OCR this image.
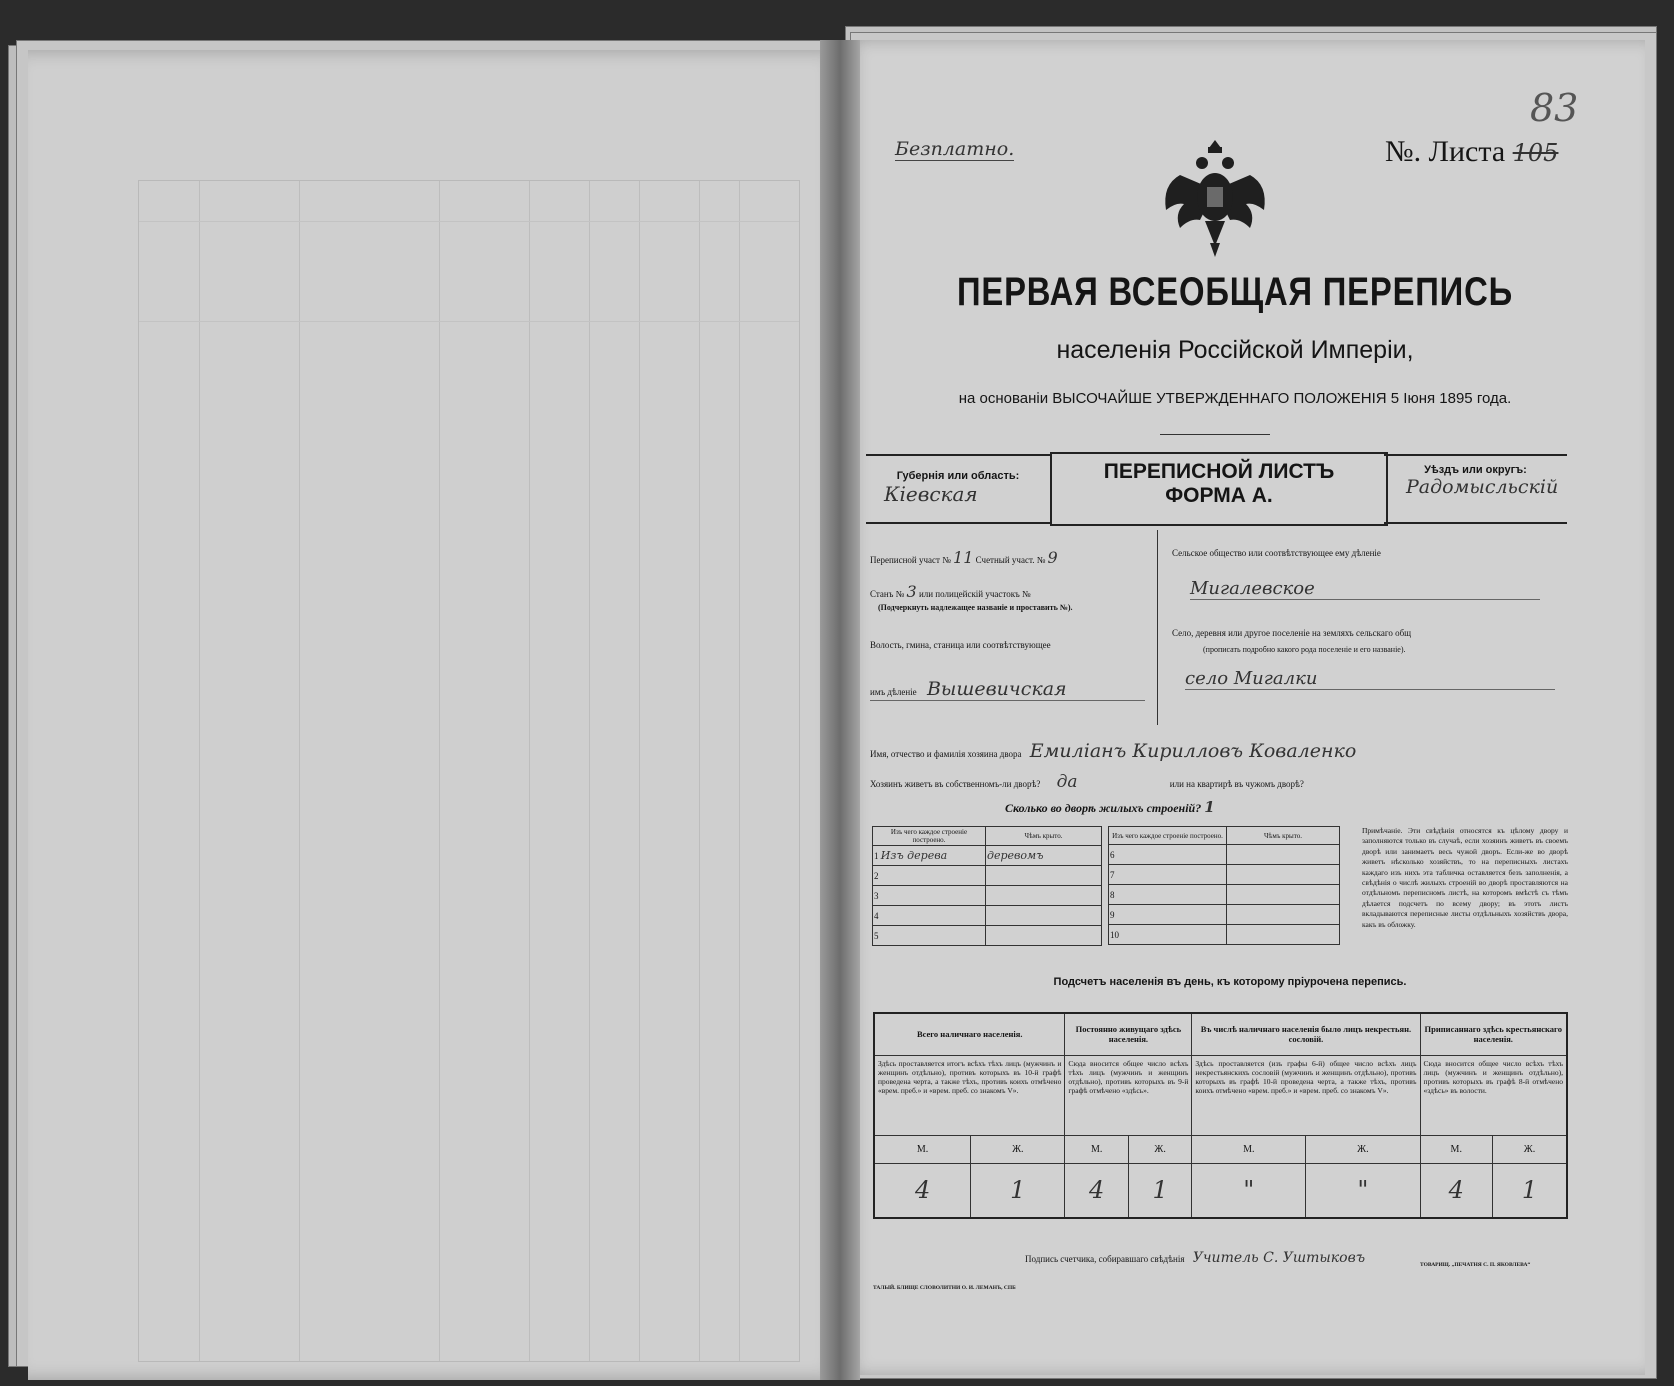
Безплатно.	№. Листа 105
83
ПЕРВАЯ ВСЕОБЩАЯ ПЕРЕПИСЬ
населенія Россійской Имперіи,
на основаніи ВЫСОЧАЙШЕ УТВЕРЖДЕННАГО ПОЛОЖЕНІЯ 5 Іюня 1895 года.
Губернія или область:
Кіевская
ПЕРЕПИСНОЙ ЛИСТЪ
ФОРМА А.
Уѣздъ или округъ:
Радомысльскій
Переписной участ № 11 Счетный участ. № 9
Станъ № 3 или полицейскій участокъ №
(Подчеркнуть надлежащее названіе и проставить №).
Волость, гмина, станица или соотвѣтствующее
имъ дѣленіе Вышевичская
Сельское общество или соотвѣтствующее ему дѣленіе
Мигалевское
Село, деревня или другое поселеніе на земляхъ сельскаго общ
(прописать подробно какого рода поселеніе и его названіе).
село Мигалки
Имя, отчество и фамилія хозяина двора Емиліанъ Кирилловъ Коваленко
Хозяинъ живетъ въ собственномъ-ли дворѣ? да	или на квартирѣ въ чужомъ дворѣ?
Сколько во дворѣ жилыхъ строеній? 1
Изъ чего каждое строеніе построено.	Чѣмъ крыто.
1 Изъ дерева	деревомъ
2	
3	
4	
5	
Изъ чего каждое строеніе построено.	Чѣмъ крыто.
6	
7	
8	
9	
10	
Примѣчаніе. Эти свѣдѣнія относятся къ цѣлому двору и заполняются только въ случаѣ, если хозяинъ живетъ въ своемъ дворѣ или занимаетъ весь чужой дворъ. Если-же во дворѣ живетъ нѣсколько хозяйствъ, то на переписныхъ листахъ каждаго изъ нихъ эта табличка оставляется безъ заполненія, а свѣдѣнія о числѣ жилыхъ строеній во дворѣ проставляются на отдѣльномъ переписномъ листѣ, на которомъ вмѣстѣ съ тѣмъ дѣлается подсчетъ по всему двору; въ этотъ листъ вкладываются переписные листы отдѣльныхъ хозяйствъ двора, какъ въ обложку.
Подсчетъ населенія въ день, къ которому пріурочена перепись.
Всего наличнаго населенія.		Постоянно живущаго здѣсь населенія.		Въ числѣ наличнаго населенія было лицъ некрестьян. сословій.		Приписаннаго здѣсь крестьянскаго населенія.	
Здѣсь проставляется итогъ всѣхъ тѣхъ лицъ (мужчинъ и женщинъ отдѣльно), противъ которыхъ въ 10-й графѣ проведена черта, а также тѣхъ, противъ коихъ отмѣчено «врем. преб.» и «врем. преб. со знакомъ V».		Сюда вносится общее число всѣхъ тѣхъ лицъ (мужчинъ и женщинъ отдѣльно), противъ которыхъ въ 9-й графѣ отмѣчено «здѣсь».		Здѣсь проставляется (изъ графы 6-й) общее число всѣхъ лицъ некрестьянскихъ сословій (мужчинъ и женщинъ отдѣльно), противъ которыхъ въ графѣ 10-й проведена черта, а также тѣхъ, противъ коихъ отмѣчено «врем. преб.» и «врем. преб. со знакомъ V».		Сюда вносится общее число всѣхъ тѣхъ лицъ (мужчинъ и женщинъ отдѣльно), противъ которыхъ въ графѣ 8-й отмѣчено «здѣсь» въ волости.	
М.	Ж.	М.	Ж.	М.	Ж.	М.	Ж.
4	1	4	1	"	"	4	1
Подпись счетчика, собиравшаго свѣдѣнія Учитель С. Уштыковъ
ТАЛЫЙ. БЛИЩЕ СЛОВОЛИТНИ О. И. ЛЕМАНЪ, СПБ
ТОВАРИЩ. „ПЕЧАТНЯ С. П. ЯКОВЛЕВА“
